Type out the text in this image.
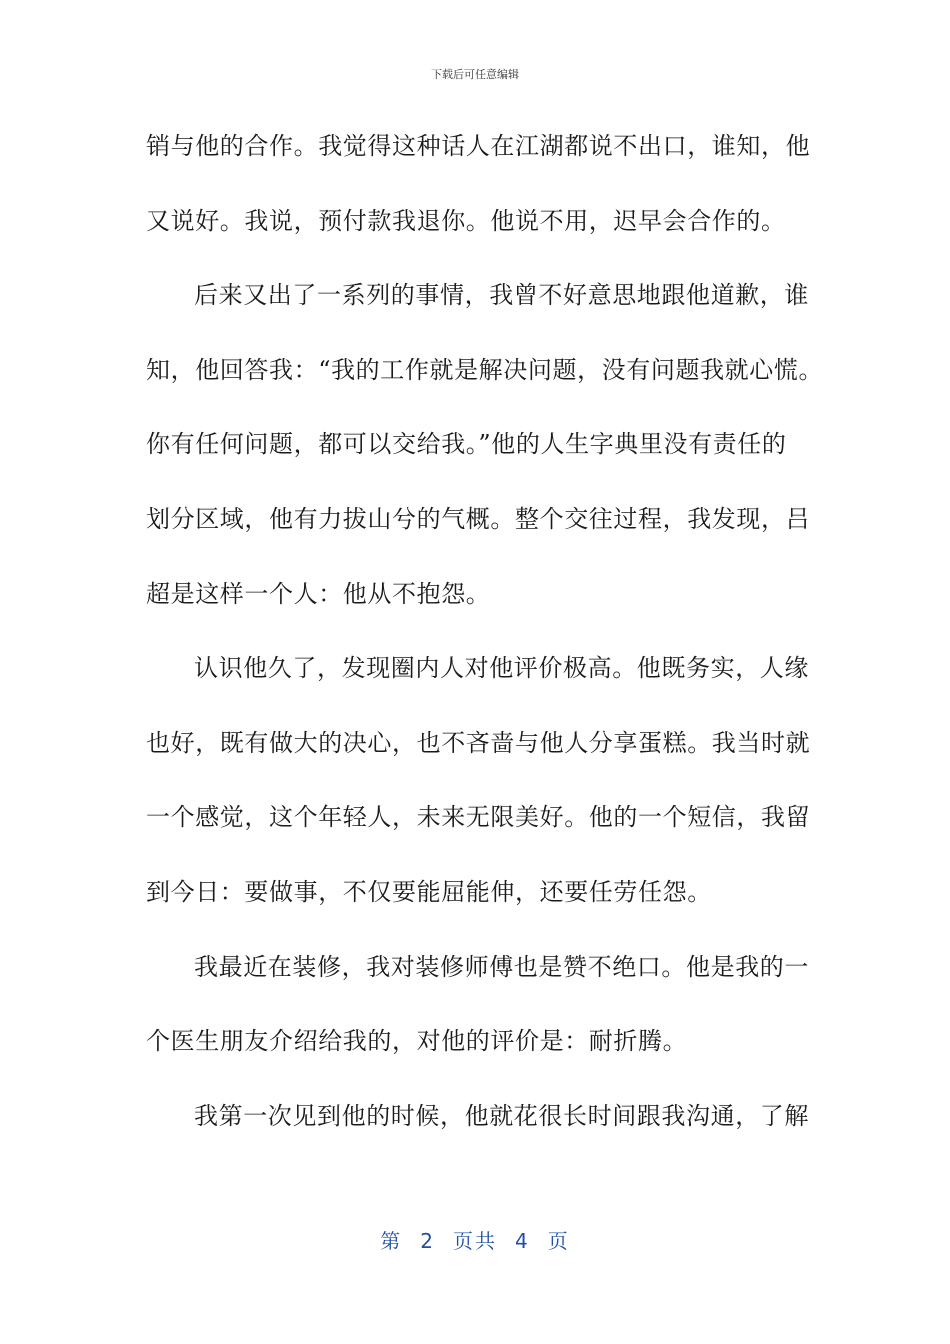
下载后可任意编辑
销与他的合作。我觉得这种话人在江湖都说不出口，谁知，他
又说好。我说，预付款我退你。他说不用，迟早会合作的。
后来又出了一系列的事情，我曾不好意思地跟他道歉，谁
知，他回答我：“我的工作就是解决问题，没有问题我就心慌。
你有任何问题，都可以交给我。”他的人生字典里没有责任的
划分区域，他有力拔山兮的气概。整个交往过程，我发现，吕
超是这样一个人：他从不抱怨。
认识他久了，发现圈内人对他评价极高。他既务实，人缘
也好，既有做大的决心，也不吝啬与他人分享蛋糕。我当时就
一个感觉，这个年轻人，未来无限美好。他的一个短信，我留
到今日：要做事，不仅要能屈能伸，还要任劳任怨。
我最近在装修，我对装修师傅也是赞不绝口。他是我的一
个医生朋友介绍给我的，对他的评价是：耐折腾。
我第一次见到他的时候，他就花很长时间跟我沟通，了解
第 2 页共 4 页
